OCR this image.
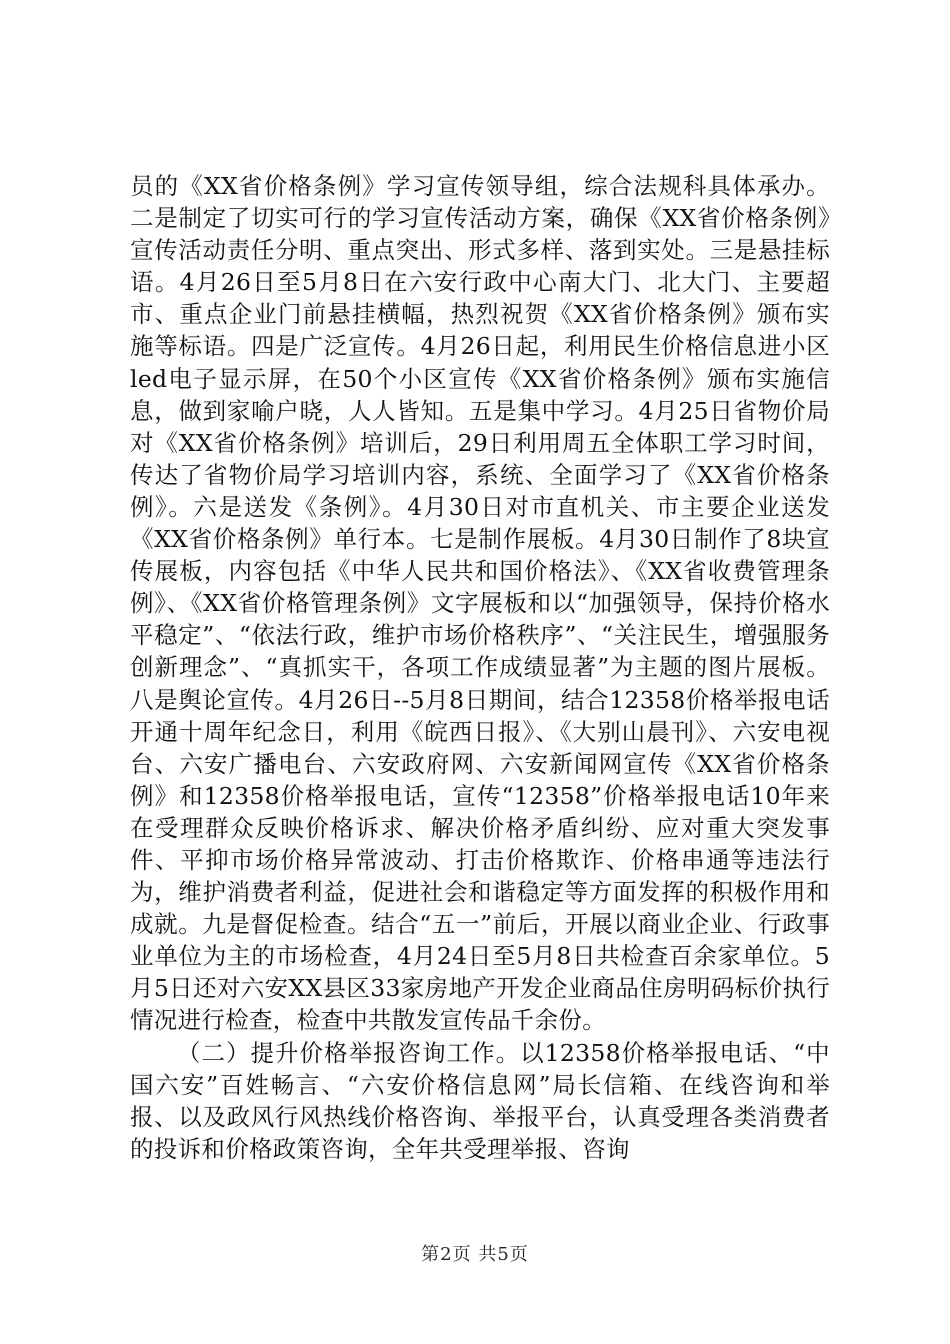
员的《XX省价格条例》学习宣传领导组，综合法规科具体承办。二是制定了切实可行的学习宣传活动方案，确保《XX省价格条例》宣传活动责任分明、重点突出、形式多样、落到实处。三是悬挂标语。4月26日至5月8日在六安行政中心南大门、北大门、主要超市、重点企业门前悬挂横幅，热烈祝贺《XX省价格条例》颁布实施等标语。四是广泛宣传。4月26日起，利用民生价格信息进小区led电子显示屏，在50个小区宣传《XX省价格条例》颁布实施信息，做到家喻户晓，人人皆知。五是集中学习。4月25日省物价局对《XX省价格条例》培训后，29日利用周五全体职工学习时间，传达了省物价局学习培训内容，系统、全面学习了《XX省价格条例》。六是送发《条例》。4月30日对市直机关、市主要企业送发《XX省价格条例》单行本。七是制作展板。4月30日制作了8块宣传展板，内容包括《中华人民共和国价格法》、《XX省收费管理条例》、《XX省价格管理条例》文字展板和以“加强领导，保持价格水平稳定”、“依法行政，维护市场价格秩序”、“关注民生，增强服务创新理念”、“真抓实干，各项工作成绩显著”为主题的图片展板。八是舆论宣传。4月26日--5月8日期间，结合12358价格举报电话开通十周年纪念日，利用《皖西日报》、《大别山晨刊》、六安电视台、六安广播电台、六安政府网、六安新闻网宣传《XX省价格条例》和12358价格举报电话，宣传“12358”价格举报电话10年来在受理群众反映价格诉求、解决价格矛盾纠纷、应对重大突发事件、平抑市场价格异常波动、打击价格欺诈、价格串通等违法行为，维护消费者利益，促进社会和谐稳定等方面发挥的积极作用和成就。九是督促检查。结合“五一”前后，开展以商业企业、行政事业单位为主的市场检查，4月24日至5月8日共检查百余家单位。5月5日还对六安XX县区33家房地产开发企业商品住房明码标价执行情况进行检查，检查中共散发宣传品千余份。

（二）提升价格举报咨询工作。以12358价格举报电话、“中国六安”百姓畅言、“六安价格信息网”局长信箱、在线咨询和举报、以及政风行风热线价格咨询、举报平台，认真受理各类消费者的投诉和价格政策咨询，全年共受理举报、咨询

第2页 共5页
